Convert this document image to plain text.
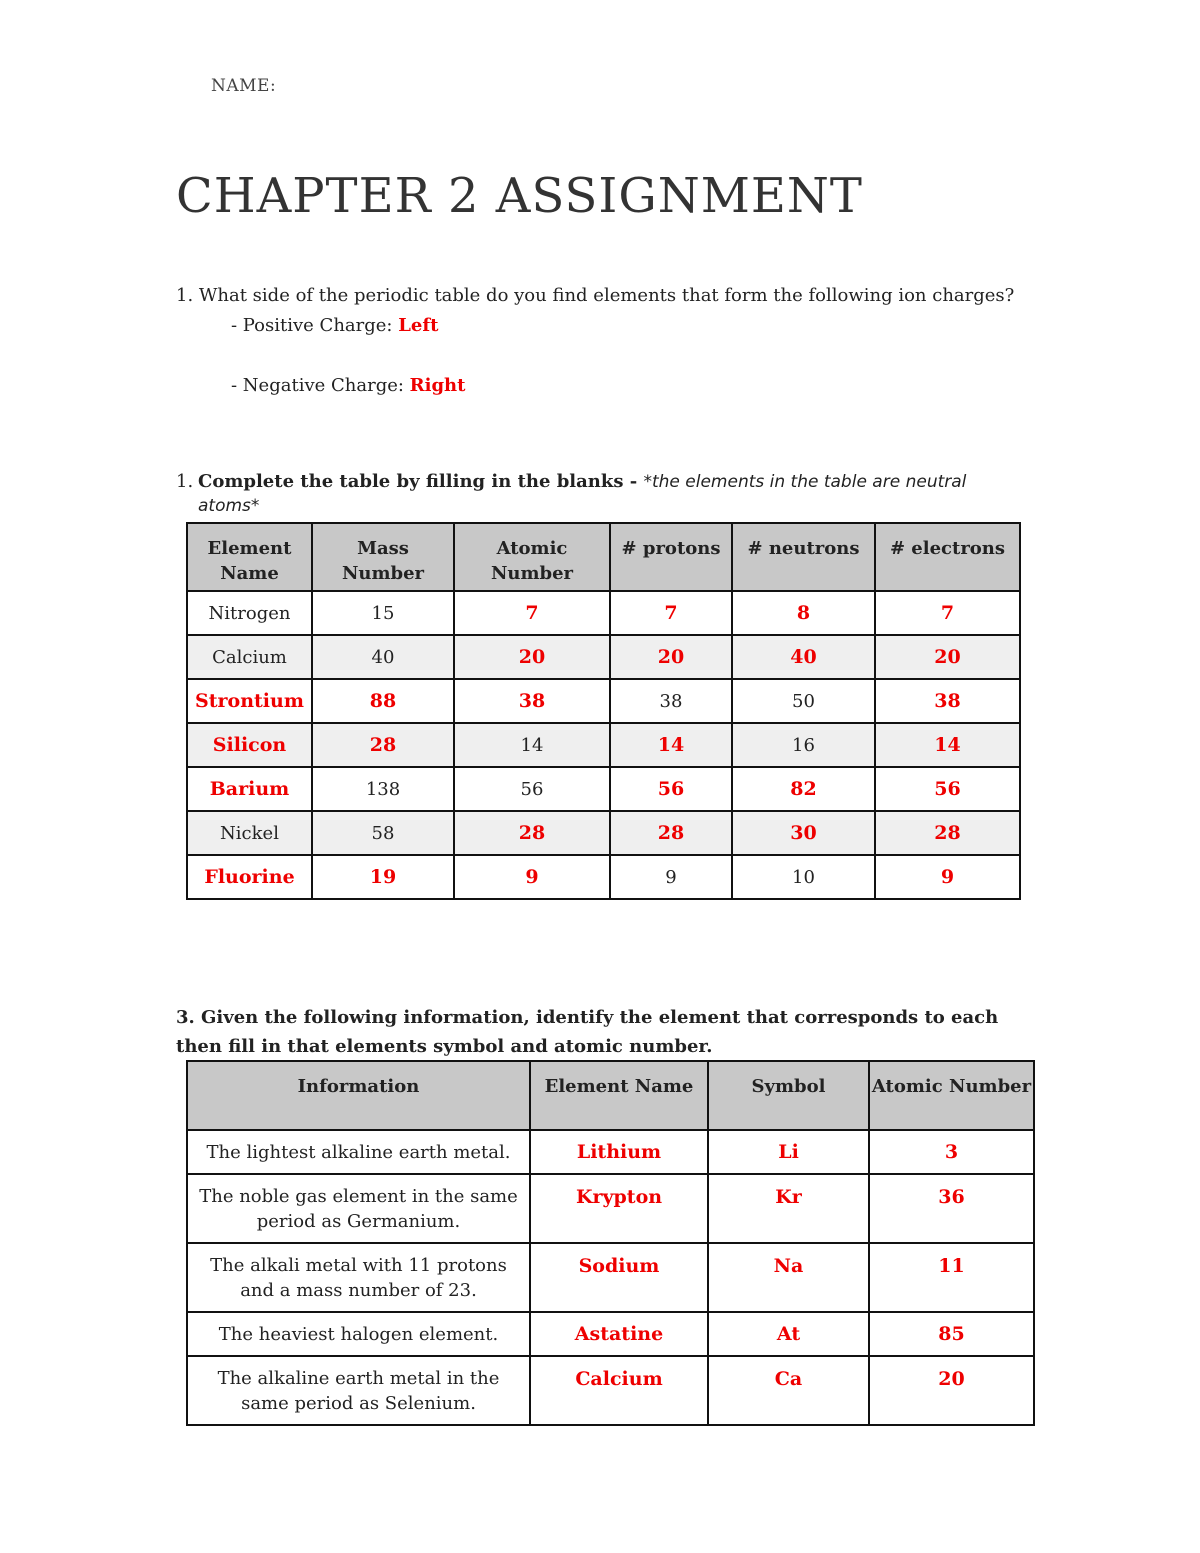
NAME:
CHAPTER 2 ASSIGNMENT
1. What side of the periodic table do you find elements that form the following ion charges?
- Positive Charge: Left
- Negative Charge: Right
1. Complete the table by filling in the blanks - *the elements in the table are neutral
atoms*
Element Name	Mass Number	Atomic Number	# protons	# neutrons	# electrons
Nitrogen	15	7	7	8	7
Calcium	40	20	20	40	20
Strontium	88	38	38	50	38
Silicon	28	14	14	16	14
Barium	138	56	56	82	56
Nickel	58	28	28	30	28
Fluorine	19	9	9	10	9
3. Given the following information, identify the element that corresponds to each then fill in that elements symbol and atomic number.
Information	Element Name	Symbol	Atomic Number
The lightest alkaline earth metal.	Lithium	Li	3
The noble gas element in the same period as Germanium.	Krypton	Kr	36
The alkali metal with 11 protons and a mass number of 23.	Sodium	Na	11
The heaviest halogen element.	Astatine	At	85
The alkaline earth metal in the same period as Selenium.	Calcium	Ca	20
